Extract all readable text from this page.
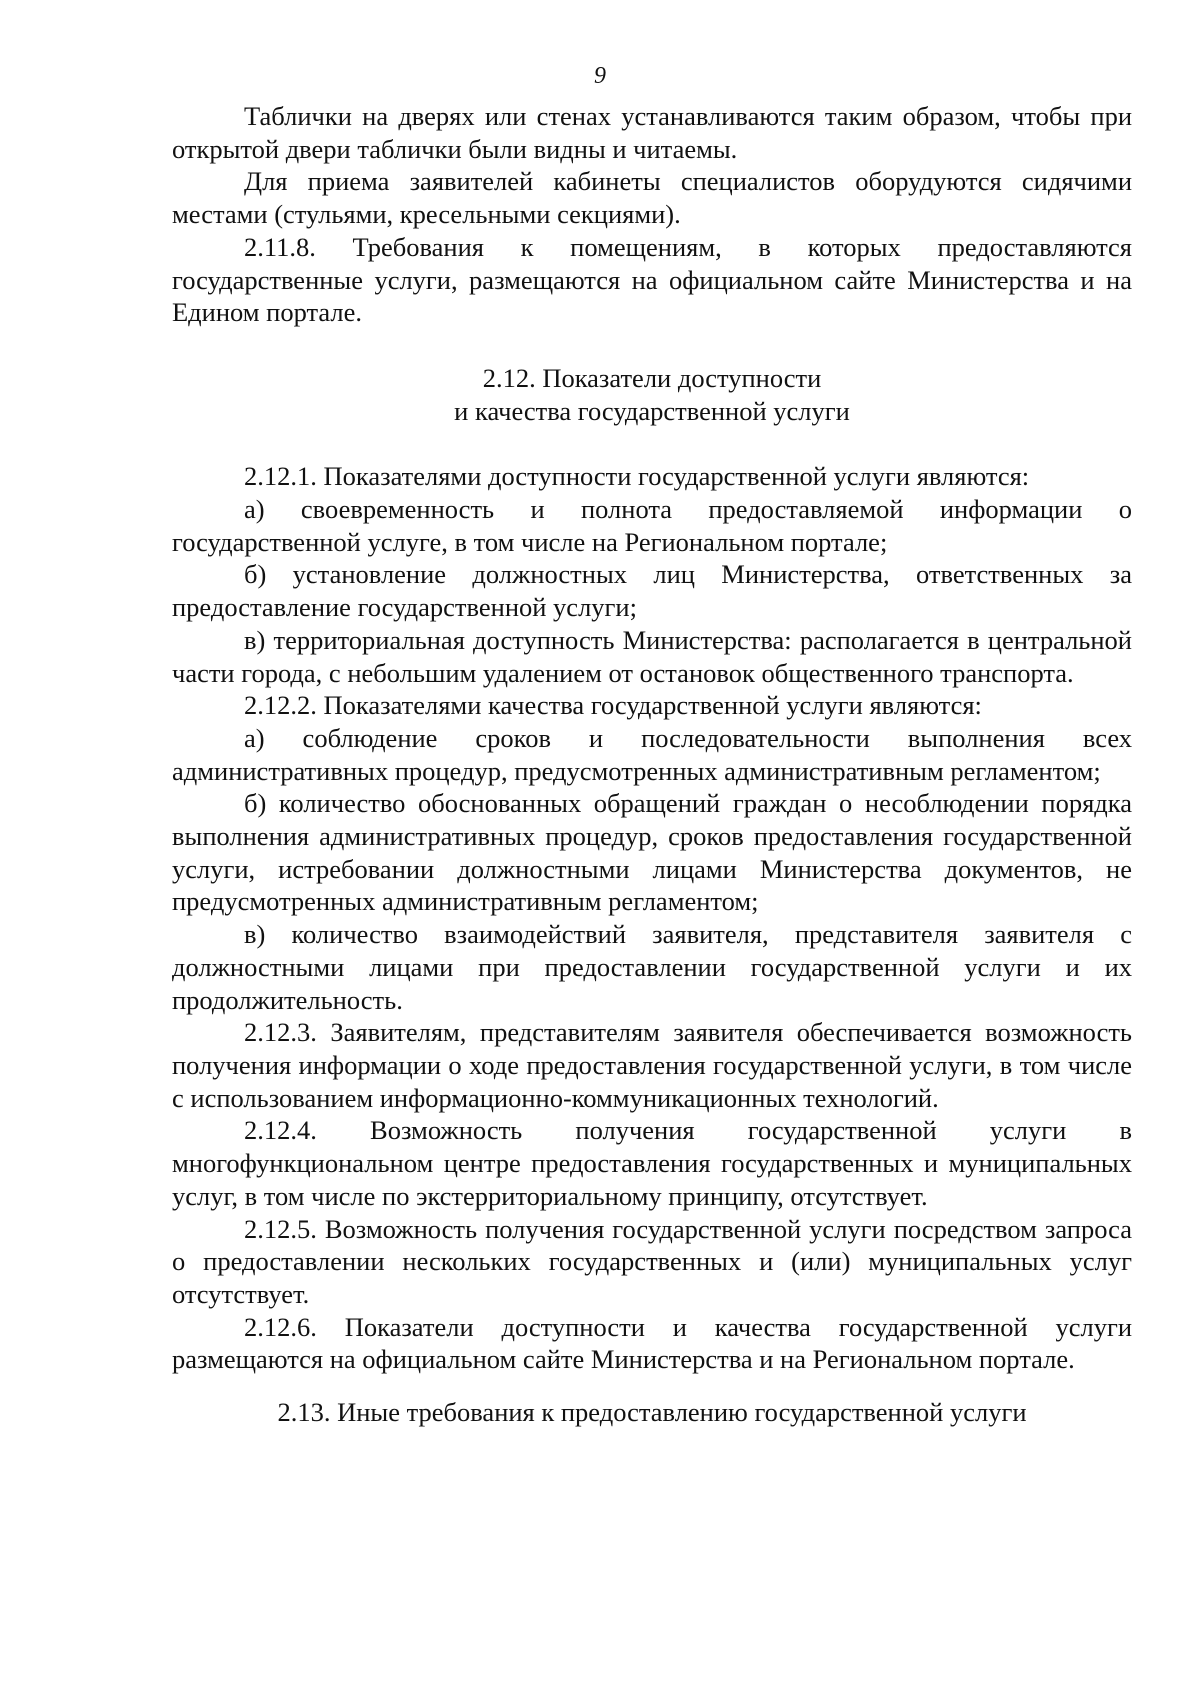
9

Таблички на дверях или стенах устанавливаются таким образом, чтобы при открытой двери таблички были видны и читаемы.

Для приема заявителей кабинеты специалистов оборудуются сидячими местами (стульями, кресельными секциями).

2.11.8. Требования к помещениям, в которых предоставляются государственные услуги, размещаются на официальном сайте Министерства и на Едином портале.

2.12. Показатели доступности

и качества государственной услуги

2.12.1. Показателями доступности государственной услуги являются:

а) своевременность и полнота предоставляемой информации о государственной услуге, в том числе на Региональном портале;

б) установление должностных лиц Министерства, ответственных за предоставление государственной услуги;

в) территориальная доступность Министерства: располагается в центральной части города, с небольшим удалением от остановок общественного транспорта.

2.12.2. Показателями качества государственной услуги являются:

а) соблюдение сроков и последовательности выполнения всех административных процедур, предусмотренных административным регламентом;

б) количество обоснованных обращений граждан о несоблюдении порядка выполнения административных процедур, сроков предоставления государственной услуги, истребовании должностными лицами Министерства документов, не предусмотренных административным регламентом;

в) количество взаимодействий заявителя, представителя заявителя с должностными лицами при предоставлении государственной услуги и их продолжительность.

2.12.3. Заявителям, представителям заявителя обеспечивается возможность получения информации о ходе предоставления государственной услуги, в том числе с использованием информационно-коммуникационных технологий.

2.12.4. Возможность получения государственной услуги в многофункциональном центре предоставления государственных и муниципальных услуг, в том числе по экстерриториальному принципу, отсутствует.

2.12.5. Возможность получения государственной услуги посредством запроса о предоставлении нескольких государственных и (или) муниципальных услуг отсутствует.

2.12.6. Показатели доступности и качества государственной услуги размещаются на официальном сайте Министерства и на Региональном портале.

2.13. Иные требования к предоставлению государственной услуги
